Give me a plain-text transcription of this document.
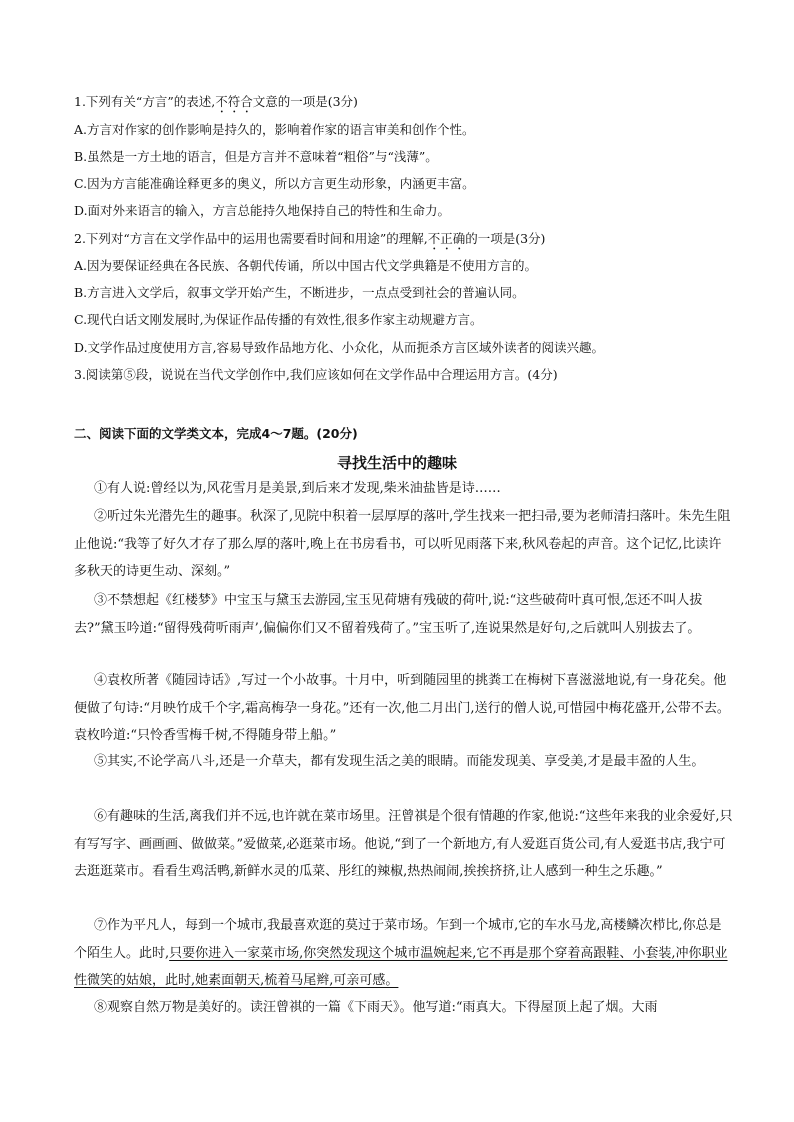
1.下列有关“方言”的表述,不符合文意的一项是(3分)
A.方言对作家的创作影响是持久的，影响着作家的语言审美和创作个性。
B.虽然是一方土地的语言，但是方言并不意味着“粗俗”与“浅薄”。
C.因为方言能准确诠释更多的奥义，所以方言更生动形象，内涵更丰富。
D.面对外来语言的输入，方言总能持久地保持自己的特性和生命力。
2.下列对“方言在文学作品中的运用也需要看时间和用途”的理解,不正确的一项是(3分)
A.因为要保证经典在各民族、各朝代传诵，所以中国古代文学典籍是不使用方言的。
B.方言进入文学后，叙事文学开始产生，不断进步，一点点受到社会的普遍认同。
C.现代白话文刚发展时,为保证作品传播的有效性,很多作家主动规避方言。
D.文学作品过度使用方言,容易导致作品地方化、小众化，从而扼杀方言区域外读者的阅读兴趣。
3.阅读第⑤段，说说在当代文学创作中,我们应该如何在文学作品中合理运用方言。(4分)
二、阅读下面的文学类文本，完成4～7题。(20分)
寻找生活中的趣味
①有人说:曾经以为,风花雪月是美景,到后来才发现,柴米油盐皆是诗……
②听过朱光潜先生的趣事。秋深了,见院中积着一层厚厚的落叶,学生找来一把扫帚,要为老师清扫落叶。朱先生阻止他说:“我等了好久才存了那么厚的落叶,晚上在书房看书，可以听见雨落下来,秋风卷起的声音。这个记忆,比读许多秋天的诗更生动、深刻。”
③不禁想起《红楼梦》中宝玉与黛玉去游园,宝玉见荷塘有残破的荷叶,说:“这些破荷叶真可恨,怎还不叫人拔去?”黛玉吟道:“留得残荷听雨声’,偏偏你们又不留着残荷了。”宝玉听了,连说果然是好句,之后就叫人别拔去了。
④袁枚所著《随园诗话》,写过一个小故事。十月中，听到随园里的挑粪工在梅树下喜滋滋地说,有一身花矣。他便做了句诗:“月映竹成千个字,霜高梅孕一身花。”还有一次,他二月出门,送行的僧人说,可惜园中梅花盛开,公带不去。袁枚吟道:“只怜香雪梅千树,不得随身带上船。”
⑤其实,不论学高八斗,还是一介草夫，都有发现生活之美的眼睛。而能发现美、享受美,才是最丰盈的人生。
⑥有趣味的生活,离我们并不远,也许就在菜市场里。汪曾祺是个很有情趣的作家,他说:“这些年来我的业余爱好,只有写写字、画画画、做做菜。”爱做菜,必逛菜市场。他说,“到了一个新地方,有人爱逛百货公司,有人爱逛书店,我宁可去逛逛菜市。看看生鸡活鸭,新鲜水灵的瓜菜、彤红的辣椒,热热闹闹,挨挨挤挤,让人感到一种生之乐趣。”
⑦作为平凡人，每到一个城市,我最喜欢逛的莫过于菜市场。乍到一个城市,它的车水马龙,高楼鳞次栉比,你总是个陌生人。此时,只要你进入一家菜市场,你突然发现这个城市温婉起来,它不再是那个穿着高跟鞋、小套装,冲你职业性微笑的姑娘，此时,她素面朝天,梳着马尾辫,可亲可感。
⑧观察自然万物是美好的。读汪曾祺的一篇《下雨天》。他写道:“雨真大。下得屋顶上起了烟。大雨
